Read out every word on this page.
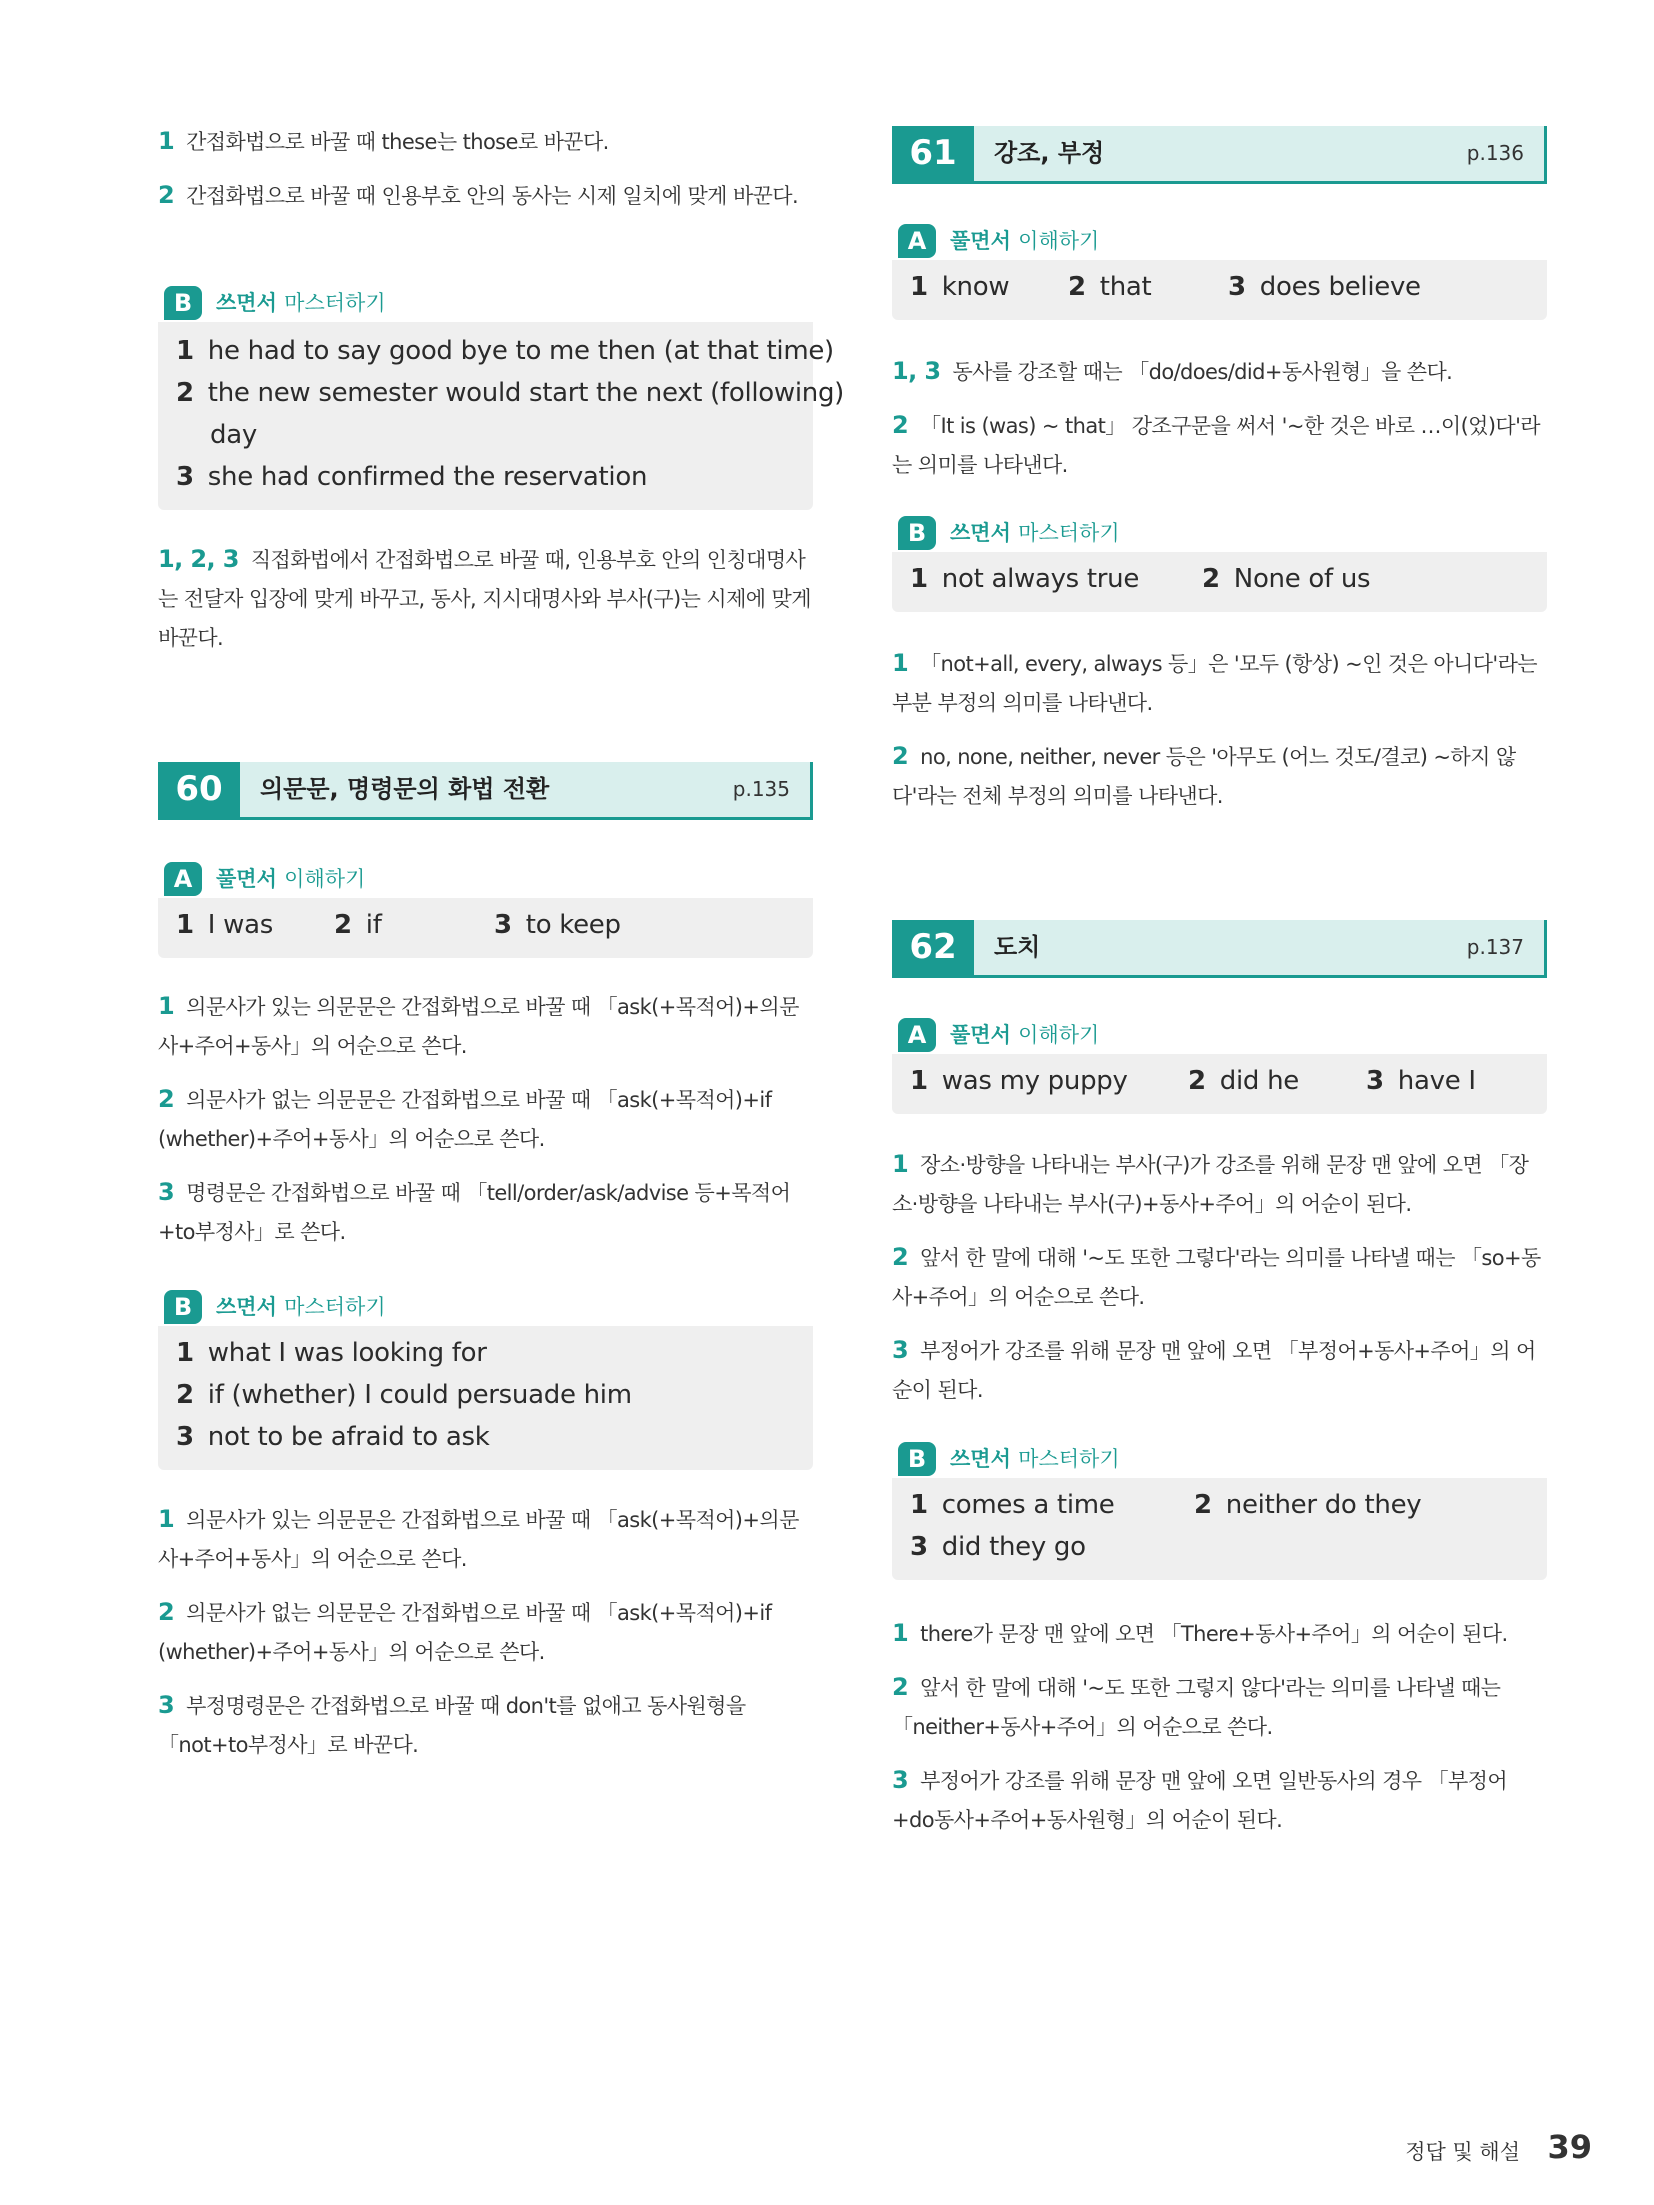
1 간접화법으로 바꿀 때 these는 those로 바꾼다.
2 간접화법으로 바꿀 때 인용부호 안의 동사는 시제 일치에 맞게 바꾼다.
B	쓰면서 마스터하기
1 he had to say good bye to me then (at that time)
2 the new semester would start the next (following)
day
3 she had confirmed the reservation
1, 2, 3 직접화법에서 간접화법으로 바꿀 때, 인용부호 안의 인칭대명사는 전달자 입장에 맞게 바꾸고, 동사, 지시대명사와 부사(구)는 시제에 맞게 바꾼다.
60	의문문, 명령문의 화법 전환	p.135
A	풀면서 이해하기
1 I was 2 if	3 to keep
1 의문사가 있는 의문문은 간접화법으로 바꿀 때 「ask(+목적어)+의문사+주어+동사」의 어순으로 쓴다.
2 의문사가 없는 의문문은 간접화법으로 바꿀 때 「ask(+목적어)+if (whether)+주어+동사」의 어순으로 쓴다.
3 명령문은 간접화법으로 바꿀 때 「tell/order/ask/advise 등+목적어+to부정사」로 쓴다.
B	쓰면서 마스터하기
1 what I was looking for
2 if (whether) I could persuade him
3 not to be afraid to ask
1 의문사가 있는 의문문은 간접화법으로 바꿀 때 「ask(+목적어)+의문사+주어+동사」의 어순으로 쓴다.
2 의문사가 없는 의문문은 간접화법으로 바꿀 때 「ask(+목적어)+if (whether)+주어+동사」의 어순으로 쓴다.
3 부정명령문은 간접화법으로 바꿀 때 don't를 없애고 동사원형을 「not+to부정사」로 바꾼다.
61	강조, 부정	p.136
A	풀면서 이해하기
1 know 2 that	3 does believe
1, 3 동사를 강조할 때는 「do/does/did+동사원형」을 쓴다.
2 「It is (was) ~ that」 강조구문을 써서 '~한 것은 바로 …이(었)다'라는 의미를 나타낸다.
B	쓰면서 마스터하기
1 not always true 2 None of us
1 「not+all, every, always 등」은 '모두 (항상) ~인 것은 아니다'라는 부분 부정의 의미를 나타낸다.
2 no, none, neither, never 등은 '아무도 (어느 것도/결코) ~하지 않다'라는 전체 부정의 의미를 나타낸다.
62	도치	p.137
A	풀면서 이해하기
1 was my puppy 2 did he	3 have I
1 장소·방향을 나타내는 부사(구)가 강조를 위해 문장 맨 앞에 오면 「장소·방향을 나타내는 부사(구)+동사+주어」의 어순이 된다.
2 앞서 한 말에 대해 '~도 또한 그렇다'라는 의미를 나타낼 때는 「so+동사+주어」의 어순으로 쓴다.
3 부정어가 강조를 위해 문장 맨 앞에 오면 「부정어+동사+주어」의 어순이 된다.
B	쓰면서 마스터하기
1 comes a time	2 neither do they
3 did they go
1 there가 문장 맨 앞에 오면 「There+동사+주어」의 어순이 된다.
2 앞서 한 말에 대해 '~도 또한 그렇지 않다'라는 의미를 나타낼 때는 「neither+동사+주어」의 어순으로 쓴다.
3 부정어가 강조를 위해 문장 맨 앞에 오면 일반동사의 경우 「부정어+do동사+주어+동사원형」의 어순이 된다.
정답 및 해설 39
